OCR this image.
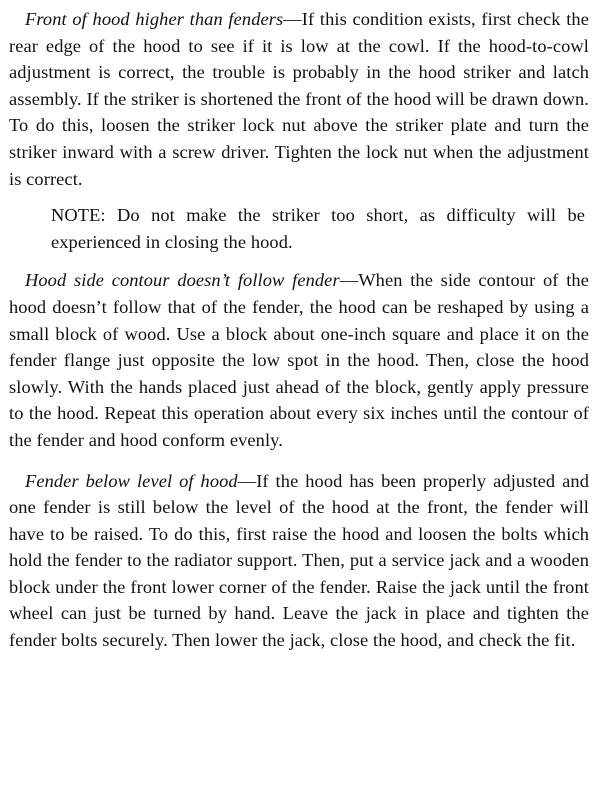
Front of hood higher than fenders—If this condition exists, first check the rear edge of the hood to see if it is low at the cowl. If the hood-to-cowl adjustment is correct, the trouble is probably in the hood striker and latch assembly. If the striker is shortened the front of the hood will be drawn down. To do this, loosen the striker lock nut above the striker plate and turn the striker inward with a screw driver. Tighten the lock nut when the adjustment is correct.

NOTE: Do not make the striker too short, as difficulty will be experienced in closing the hood.

Hood side contour doesn’t follow fender—When the side contour of the hood doesn’t follow that of the fender, the hood can be reshaped by using a small block of wood. Use a block about one-inch square and place it on the fender flange just opposite the low spot in the hood. Then, close the hood slowly. With the hands placed just ahead of the block, gently apply pressure to the hood. Repeat this operation about every six inches until the contour of the fender and hood conform evenly.

Fender below level of hood—If the hood has been properly adjusted and one fender is still below the level of the hood at the front, the fender will have to be raised. To do this, first raise the hood and loosen the bolts which hold the fender to the radiator support. Then, put a service jack and a wooden block under the front lower corner of the fender. Raise the jack until the front wheel can just be turned by hand. Leave the jack in place and tighten the fender bolts securely. Then lower the jack, close the hood, and check the fit.
